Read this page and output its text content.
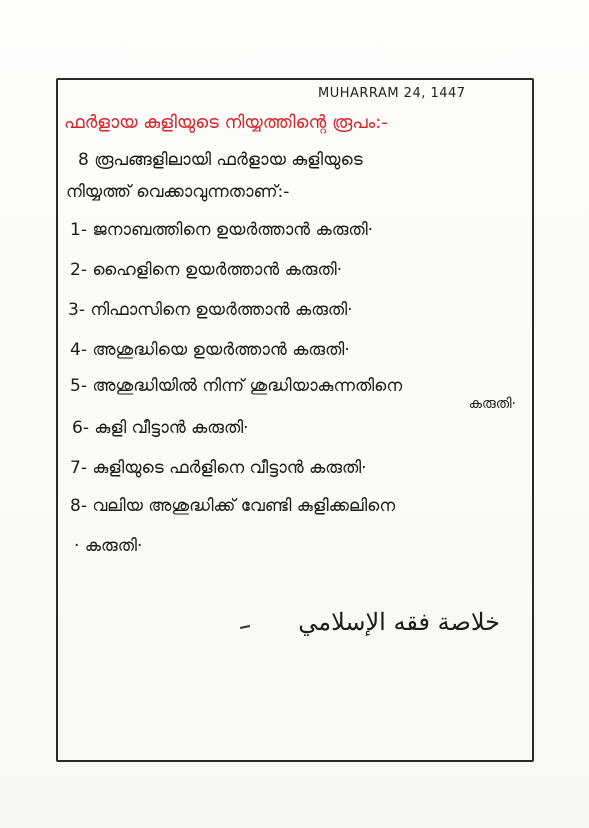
MUHARRAM 24, 1447
ഫർളായ കുളിയുടെ നിയ്യത്തിന്റെ രൂപം:-
8 രൂപങ്ങളിലായി ഫർളായ കുളിയുടെ
നിയ്യത്ത് വെക്കാവുന്നതാണ്:-
1- ജനാബത്തിനെ ഉയർത്താൻ കരുതി·
2- ഹൈളിനെ ഉയർത്താൻ കരുതി·
3- നിഫാസിനെ ഉയർത്താൻ കരുതി·
4- അശുദ്ധിയെ ഉയർത്താൻ കരുതി·
5- അശുദ്ധിയിൽ നിന്ന് ശുദ്ധിയാകുന്നതിനെ
കരുതി·
6- കുളി വീട്ടാൻ കരുതി·
7- കുളിയുടെ ഫർളിനെ വീട്ടാൻ കരുതി·
8- വലിയ അശുദ്ധിക്ക് വേണ്ടി കുളിക്കലിനെ
· കരുതി·
خلاصة فقه الإسلامي
